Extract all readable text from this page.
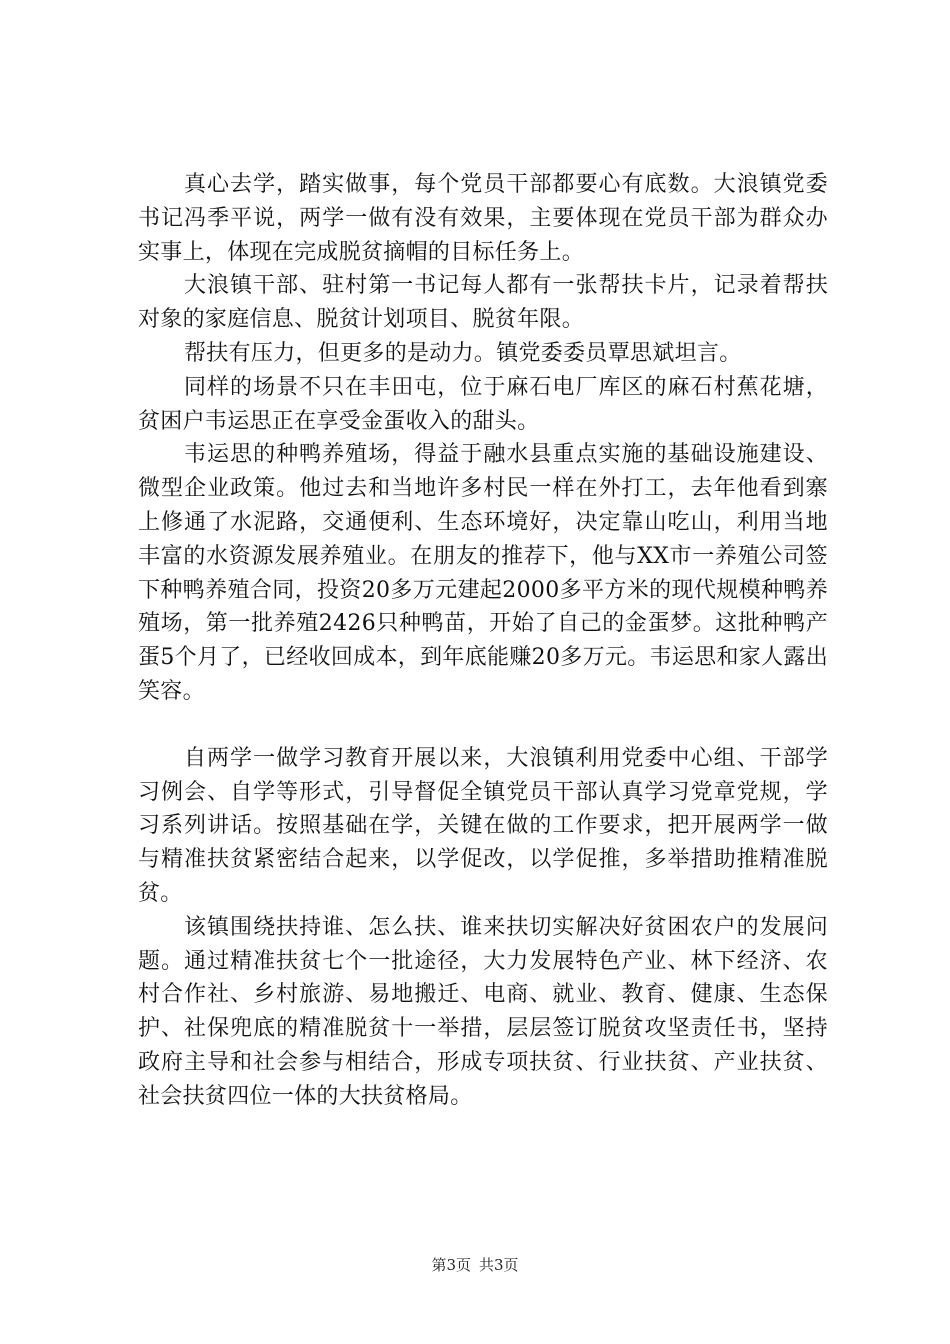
真心去学，踏实做事，每个党员干部都要心有底数。大浪镇党委书记冯季平说，两学一做有没有效果，主要体现在党员干部为群众办实事上，体现在完成脱贫摘帽的目标任务上。

大浪镇干部、驻村第一书记每人都有一张帮扶卡片，记录着帮扶对象的家庭信息、脱贫计划项目、脱贫年限。

帮扶有压力，但更多的是动力。镇党委委员覃思斌坦言。

同样的场景不只在丰田屯，位于麻石电厂库区的麻石村蕉花塘，贫困户韦运思正在享受金蛋收入的甜头。

韦运思的种鸭养殖场，得益于融水县重点实施的基础设施建设、微型企业政策。他过去和当地许多村民一样在外打工，去年他看到寨上修通了水泥路，交通便利、生态环境好，决定靠山吃山，利用当地丰富的水资源发展养殖业。在朋友的推荐下，他与XX市一养殖公司签下种鸭养殖合同，投资20多万元建起2000多平方米的现代规模种鸭养殖场，第一批养殖2426只种鸭苗，开始了自己的金蛋梦。这批种鸭产蛋5个月了，已经收回成本，到年底能赚20多万元。韦运思和家人露出笑容。

自两学一做学习教育开展以来，大浪镇利用党委中心组、干部学习例会、自学等形式，引导督促全镇党员干部认真学习党章党规，学习系列讲话。按照基础在学，关键在做的工作要求，把开展两学一做与精准扶贫紧密结合起来，以学促改，以学促推，多举措助推精准脱贫。

该镇围绕扶持谁、怎么扶、谁来扶切实解决好贫困农户的发展问题。通过精准扶贫七个一批途径，大力发展特色产业、林下经济、农村合作社、乡村旅游、易地搬迁、电商、就业、教育、健康、生态保护、社保兜底的精准脱贫十一举措，层层签订脱贫攻坚责任书，坚持政府主导和社会参与相结合，形成专项扶贫、行业扶贫、产业扶贫、社会扶贫四位一体的大扶贫格局。

第3页 共3页
